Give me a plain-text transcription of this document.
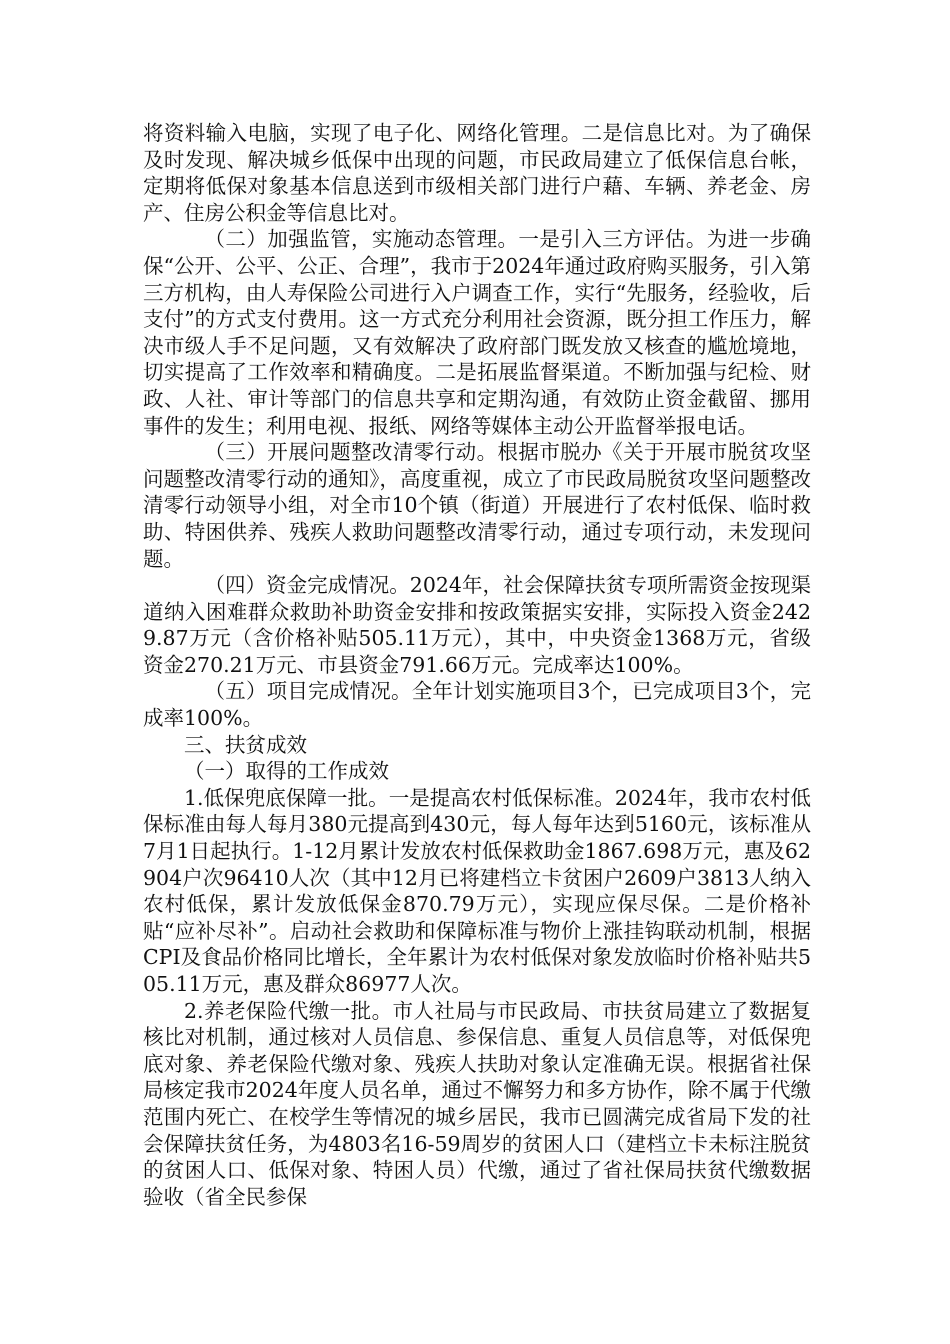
将资料输入电脑，实现了电子化、网络化管理。二是信息比对。为了确保及时发现、解决城乡低保中出现的问题，市民政局建立了低保信息台帐，定期将低保对象基本信息送到市级相关部门进行户藉、车辆、养老金、房产、住房公积金等信息比对。

（二）加强监管，实施动态管理。一是引入三方评估。为进一步确保“公开、公平、公正、合理”，我市于2024年通过政府购买服务，引入第三方机构，由人寿保险公司进行入户调查工作，实行“先服务，经验收，后支付”的方式支付费用。这一方式充分利用社会资源，既分担工作压力，解决市级人手不足问题，又有效解决了政府部门既发放又核查的尴尬境地，切实提高了工作效率和精确度。二是拓展监督渠道。不断加强与纪检、财政、人社、审计等部门的信息共享和定期沟通，有效防止资金截留、挪用事件的发生；利用电视、报纸、网络等媒体主动公开监督举报电话。

（三）开展问题整改清零行动。根据市脱办《关于开展市脱贫攻坚问题整改清零行动的通知》，高度重视，成立了市民政局脱贫攻坚问题整改清零行动领导小组，对全市10个镇（街道）开展进行了农村低保、临时救助、特困供养、残疾人救助问题整改清零行动，通过专项行动，未发现问题。

（四）资金完成情况。2024年，社会保障扶贫专项所需资金按现渠道纳入困难群众救助补助资金安排和按政策据实安排，实际投入资金2429.87万元（含价格补贴505.11万元），其中，中央资金1368万元，省级资金270.21万元、市县资金791.66万元。完成率达100%。

（五）项目完成情况。全年计划实施项目3个，已完成项目3个，完成率100%。

三、扶贫成效

（一）取得的工作成效

1.低保兜底保障一批。一是提高农村低保标准。2024年，我市农村低保标准由每人每月380元提高到430元，每人每年达到5160元，该标准从7月1日起执行。1-12月累计发放农村低保救助金1867.698万元，惠及62904户次96410人次（其中12月已将建档立卡贫困户2609户3813人纳入农村低保，累计发放低保金870.79万元），实现应保尽保。二是价格补贴“应补尽补”。启动社会救助和保障标准与物价上涨挂钩联动机制，根据CPI及食品价格同比增长，全年累计为农村低保对象发放临时价格补贴共505.11万元，惠及群众86977人次。

2.养老保险代缴一批。市人社局与市民政局、市扶贫局建立了数据复核比对机制，通过核对人员信息、参保信息、重复人员信息等，对低保兜底对象、养老保险代缴对象、残疾人扶助对象认定准确无误。根据省社保局核定我市2024年度人员名单，通过不懈努力和多方协作，除不属于代缴范围内死亡、在校学生等情况的城乡居民，我市已圆满完成省局下发的社会保障扶贫任务，为4803名16-59周岁的贫困人口（建档立卡未标注脱贫的贫困人口、低保对象、特困人员）代缴，通过了省社保局扶贫代缴数据验收（省全民参保
